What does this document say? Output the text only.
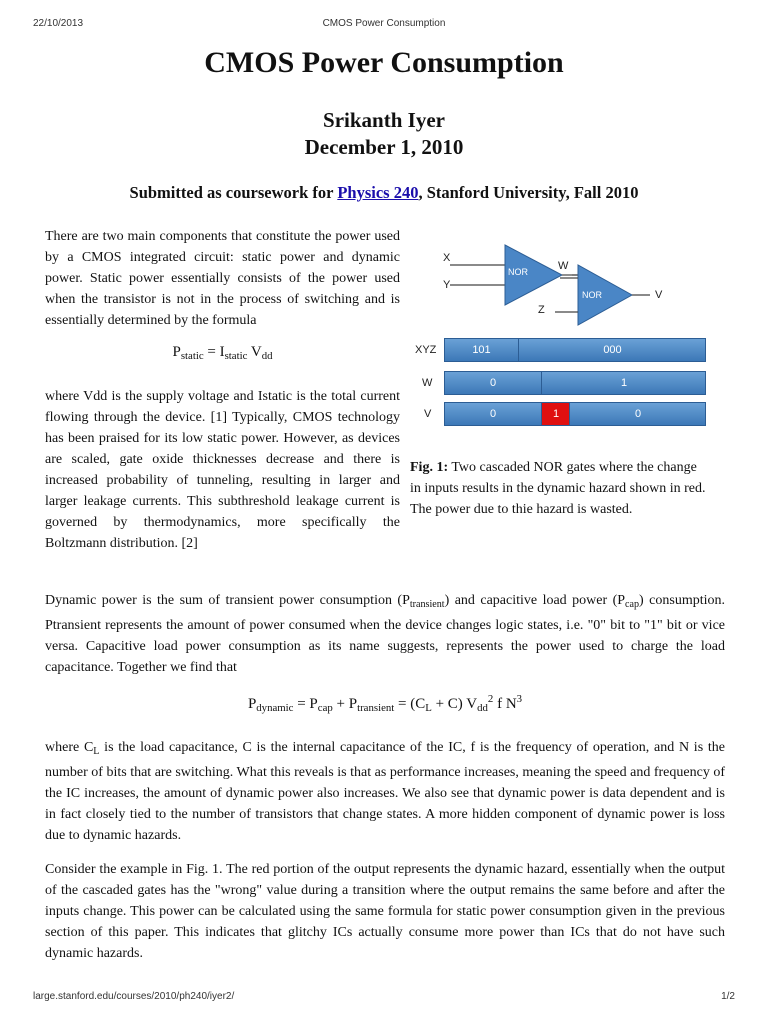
22/10/2013	CMOS Power Consumption
CMOS Power Consumption
Srikanth Iyer
December 1, 2010
Submitted as coursework for Physics 240, Stanford University, Fall 2010

There are two main components that constitute the power used by a CMOS integrated circuit: static power and dynamic power. Static power essentially consists of the power used when the transistor is not in the process of switching and is essentially determined by the formula

$P_{static} = I_{static}$ $V_{dd}$

where Vdd is the supply voltage and Istatic is the total current flowing through the device. [1] Typically, CMOS technology has been praised for its low static power. However, as devices are scaled, gate oxide thicknesses decrease and there is increased probability of tunneling, resulting in larger and larger leakage currents. This subthreshold leakage current is governed by thermodynamics, more specifically the Boltzmann distribution. [2]

X
Y
NOR	W
NOR
Z
V
XYZ	101	000
W	0	1
V	0	1	0

Fig. 1: Two cascaded NOR gates where the change in inputs results in the dynamic hazard shown in red. The power due to thie hazard is wasted.

Dynamic power is the sum of transient power consumption $(P_{transient})$ and capacitive load power $(P_{cap})$ consumption. Ptransient represents the amount of power consumed when the device changes logic states, i.e. "0" bit to "1" bit or vice versa. Capacitive load power consumption as its name suggests, represents the power used to charge the load capacitance. Together we find that

$P_{dynamic} = P_{cap} + P_{transient} = (C_L + C)$ $V_{dd}^2$ f $N^3$

where $C_L$ is the load capacitance, C is the internal capacitance of the IC, f is the frequency of operation, and N is the number of bits that are switching. What this reveals is that as performance increases, meaning the speed and frequency of the IC increases, the amount of dynamic power also increases. We also see that dynamic power is data dependent and is in fact closely tied to the number of transistors that change states. A more hidden component of dynamic power is loss due to dynamic hazards.

Consider the example in Fig. 1. The red portion of the output represents the dynamic hazard, essentially when the output of the cascaded gates has the "wrong" value during a transition where the output remains the same before and after the inputs change. This power can be calculated using the same formula for static power consumption given in the previous section of this paper. This indicates that glitchy ICs actually consume more power than ICs that do not have such dynamic hazards.

large.stanford.edu/courses/2010/ph240/iyer2/	1/2
